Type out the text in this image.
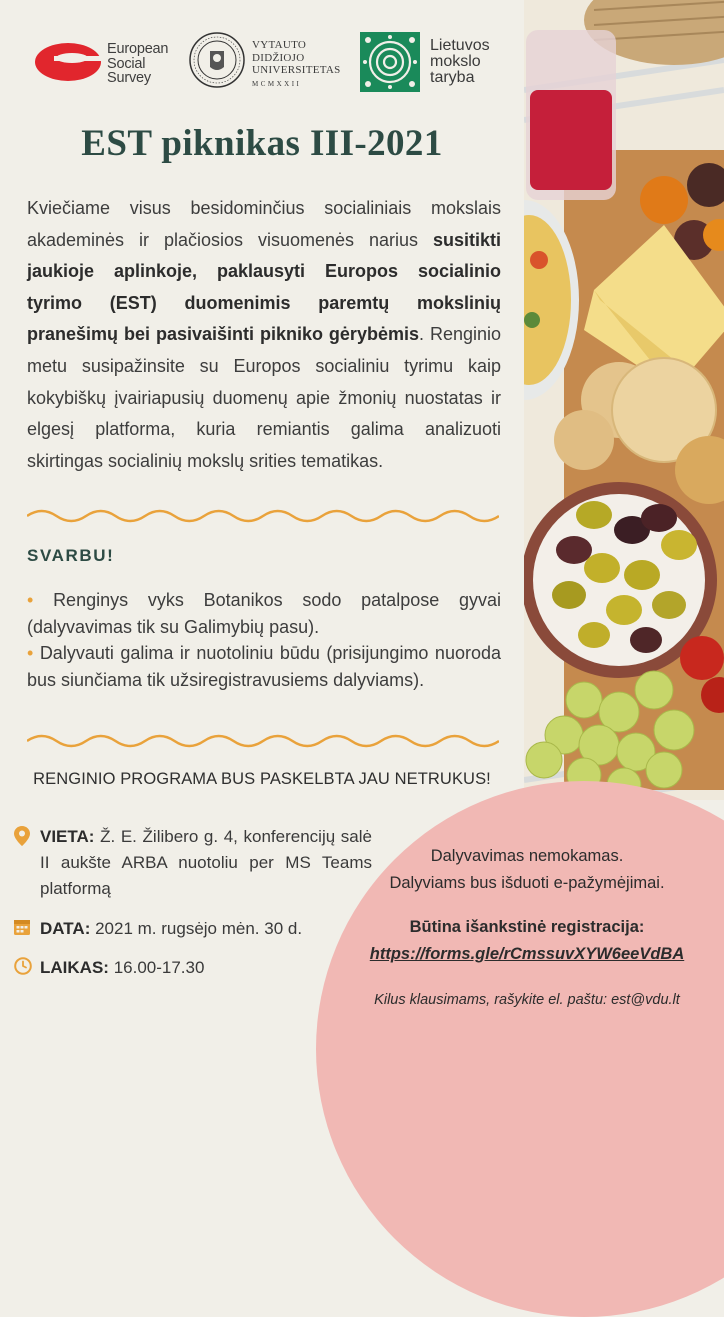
European
Social
Survey
VYTAUTO
DIDŽIOJO
UNIVERSITETAS
MCMXXII
Lietuvos
mokslo
taryba
EST piknikas III-2021

Kviečiame visus besidominčius socialiniais mokslais akademinės ir plačiosios visuomenės narius susitikti jaukioje aplinkoje, paklausyti Europos socialinio tyrimo (EST) duomenimis paremtų mokslinių pranešimų bei pasivaišinti pikniko gėrybėmis. Renginio metu susipažinsite su Europos socialiniu tyrimu kaip kokybiškų įvairiapusių duomenų apie žmonių nuostatas ir elgesį platforma, kuria remiantis galima analizuoti skirtingas socialinių mokslų srities tematikas.

SVARBU!

• Renginys vyks Botanikos sodo patalpose gyvai (dalyvavimas tik su Galimybių pasu).

• Dalyvauti galima ir nuotoliniu būdu (prisijungimo nuoroda bus siunčiama tik užsiregistravusiems dalyviams).

RENGINIO PROGRAMA BUS PASKELBTA JAU NETRUKUS!

Dalyvavimas nemokamas.
Dalyviams bus išduoti e-pažymėjimai.
Būtina išankstinė registracija:
https://forms.gle/rCmssuvXYW6eeVdBA
Kilus klausimams, rašykite el. paštu: est@vdu.lt
VIETA: Ž. E. Žilibero g. 4, konferencijų salė II aukšte ARBA nuotoliu per MS Teams platformą
DATA: 2021 m. rugsėjo mėn. 30 d.
LAIKAS: 16.00-17.30
